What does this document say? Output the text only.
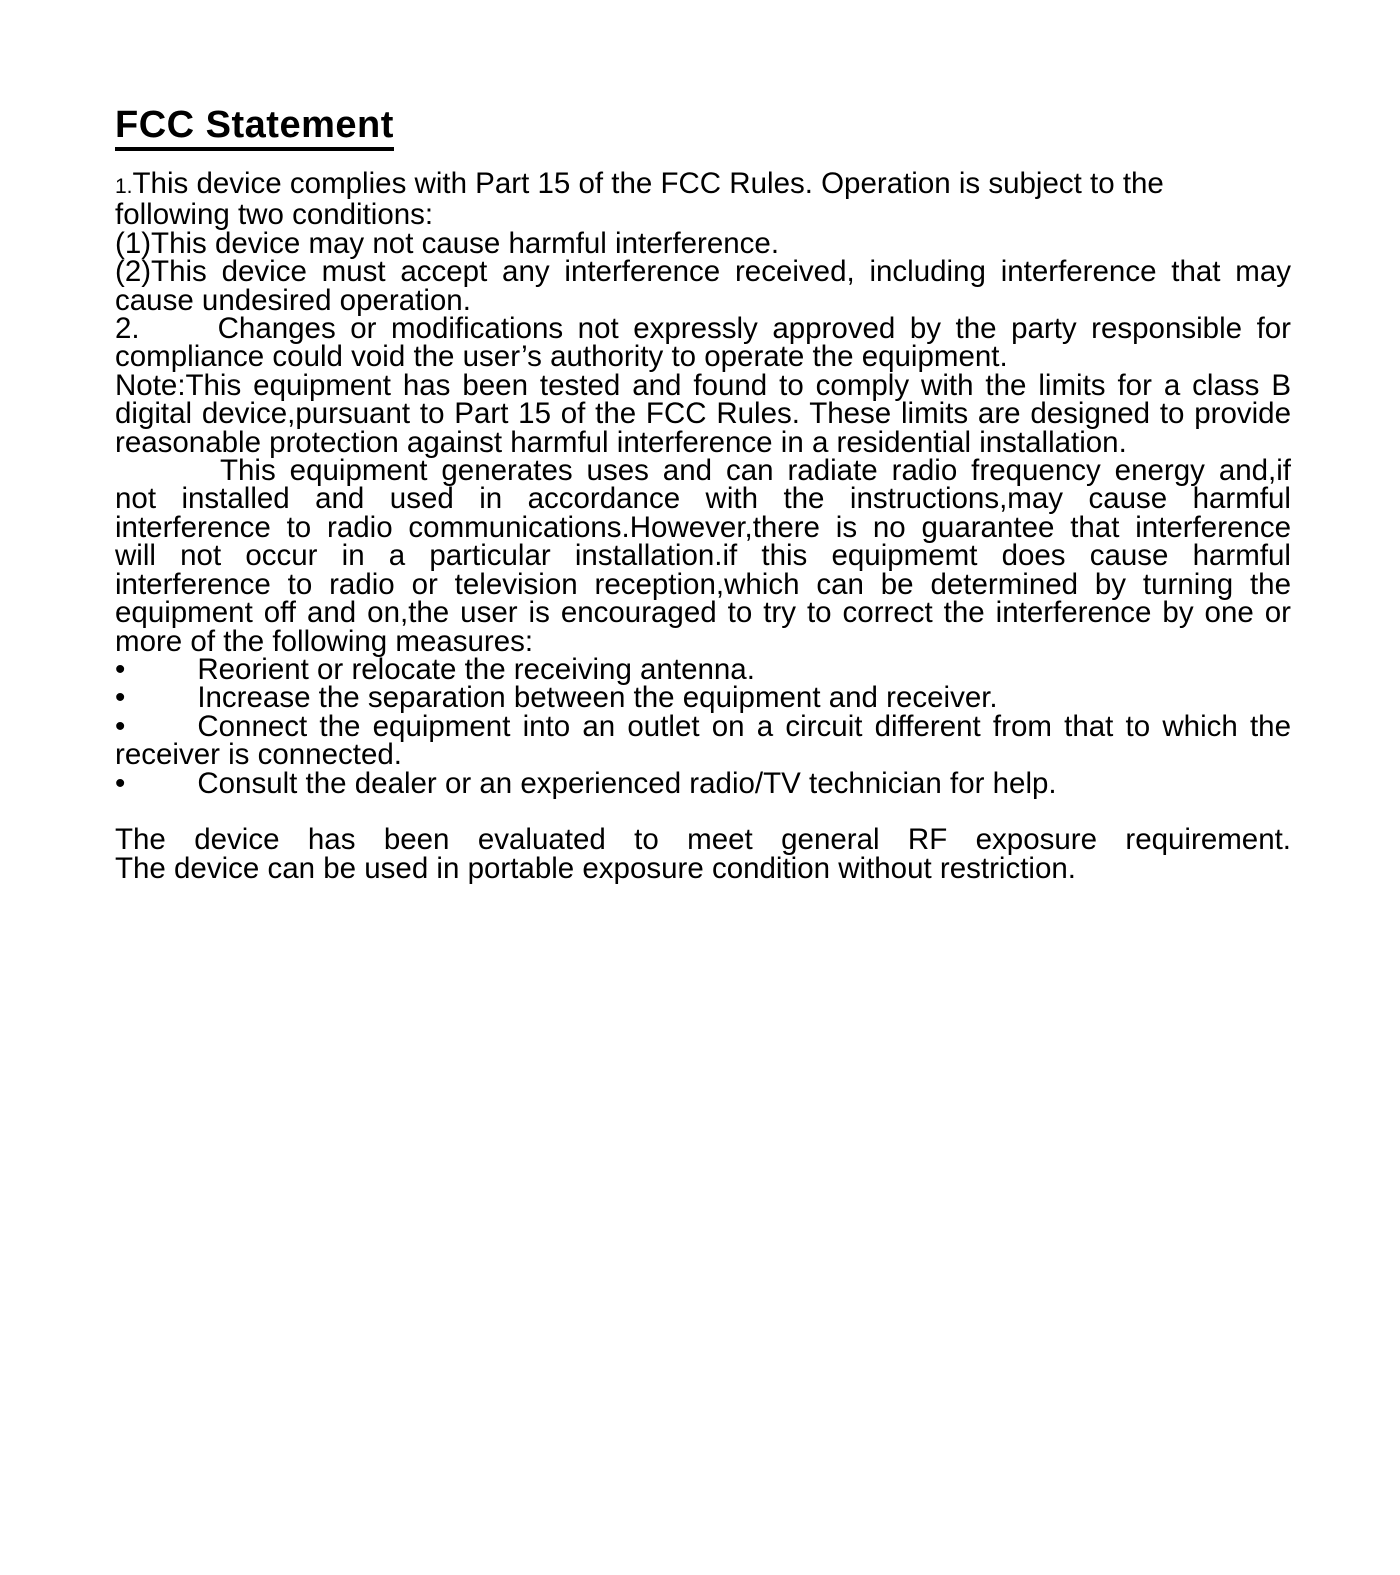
FCC Statement
1.This device complies with Part 15 of the FCC Rules. Operation is subject to the
following two conditions:
(1)This device may not cause harmful interference.
(2)This device must accept any interference received, including interference that may
cause undesired operation.
2.	Changes or modifications not expressly approved by the party responsible for
compliance could void the user’s authority to operate the equipment.
Note:This equipment has been tested and found to comply with the limits for a class B
digital device,pursuant to Part 15 of the FCC Rules. These limits are designed to provide
reasonable protection against harmful interference in a residential installation.
This equipment generates uses and can radiate radio frequency energy and,if
not installed and used in accordance with the instructions,may cause harmful
interference to radio communications.However,there is no guarantee that interference
will not occur in a particular installation.if this equipmemt does cause harmful
interference to radio or television reception,which can be determined by turning the
equipment off and on,the user is encouraged to try to correct the interference by one or
more of the following measures:
• Reorient or relocate the receiving antenna.
• Increase the separation between the equipment and receiver.
• Connect the equipment into an outlet on a circuit different from that to which the
receiver is connected.
• Consult the dealer or an experienced radio/TV technician for help.
The device has been evaluated to meet general RF exposure requirement.
The device can be used in portable exposure condition without restriction.
